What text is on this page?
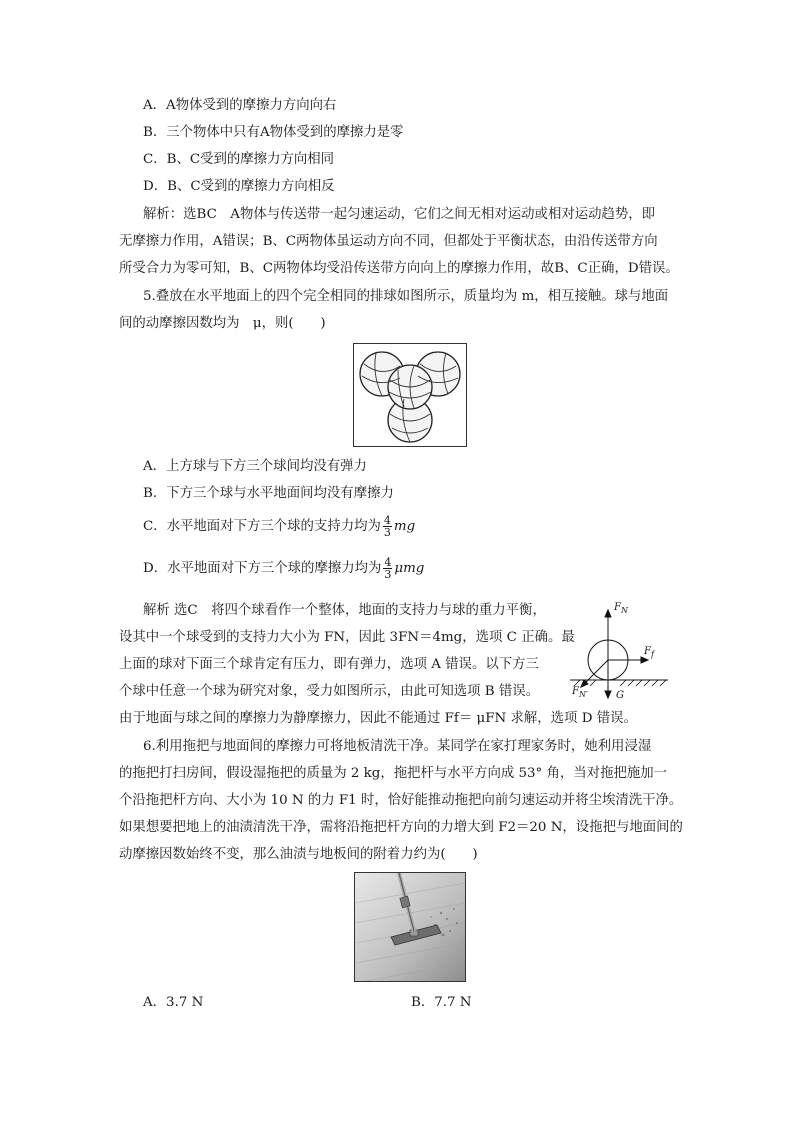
A．A物体受到的摩擦力方向向右
B．三个物体中只有A物体受到的摩擦力是零
C．B、C受到的摩擦力方向相同
D．B、C受到的摩擦力方向相反
解析：选BC　A物体与传送带一起匀速运动，它们之间无相对运动或相对运动趋势，即
无摩擦力作用，A错误；B、C两物体虽运动方向不同，但都处于平衡状态，由沿传送带方向
所受合力为零可知，B、C两物体均受沿传送带方向向上的摩擦力作用，故B、C正确，D错误。
5.叠放在水平地面上的四个完全相同的排球如图所示，质量均为 m，相互接触。球与地面
间的动摩擦因数均为　μ，则(　　)
A．上方球与下方三个球间均没有弹力
B．下方三个球与水平地面间均没有摩擦力
C．水平地面对下方三个球的支持力均为 $\frac{4}{3}$ mg
D．水平地面对下方三个球的摩擦力均为 $\frac{4}{3}$ μmg
解析 选C　将四个球看作一个整体，地面的支持力与球的重力平衡，
设其中一个球受到的支持力大小为 FN，因此 3FN＝4mg，选项 C 正确。最
上面的球对下面三个球肯定有压力，即有弹力，选项 A 错误。以下方三
个球中任意一个球为研究对象，受力如图所示，由此可知选项 B 错误。
由于地面与球之间的摩擦力为静摩擦力，因此不能通过 Ff＝ μFN 求解，选项 D 错误。
$F_N$
$F_f$
$F_{N'}$	G
6.利用拖把与地面间的摩擦力可将地板清洗干净。某同学在家打理家务时，她利用浸湿
的拖把打扫房间，假设湿拖把的质量为 2 kg，拖把杆与水平方向成 53° 角，当对拖把施加一
个沿拖把杆方向、大小为 10 N 的力 F1 时，恰好能推动拖把向前匀速运动并将尘埃清洗干净。
如果想要把地上的油渍清洗干净，需将沿拖把杆方向的力增大到 F2＝20 N，设拖把与地面间的
动摩擦因数始终不变，那么油渍与地板间的附着力约为(　　)
A．3.7 N	B．7.7 N
